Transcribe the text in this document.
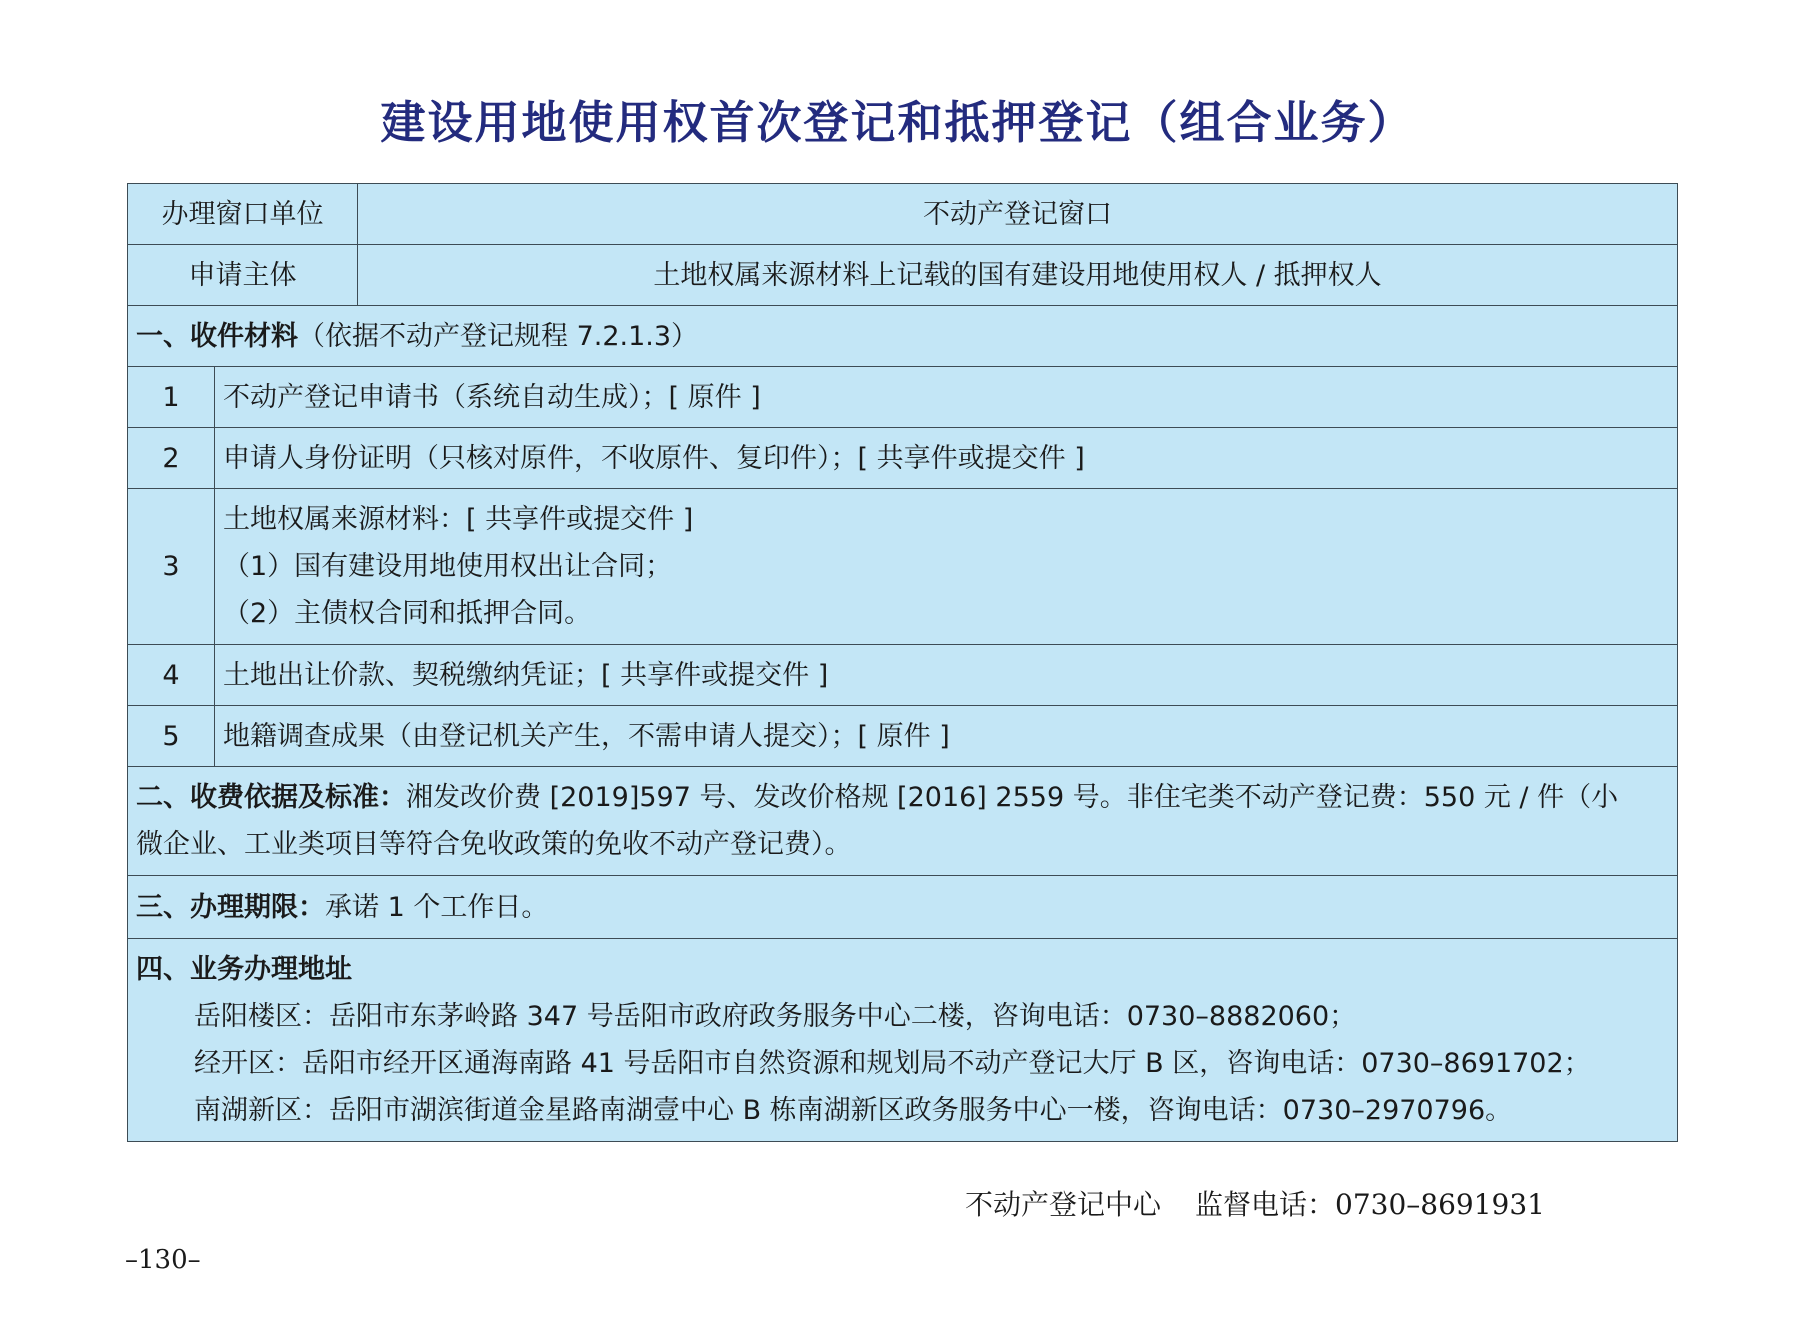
建设用地使用权首次登记和抵押登记（组合业务）
办理窗口单位		不动产登记窗口
申请主体		土地权属来源材料上记载的国有建设用地使用权人 / 抵押权人
一、收件材料（依据不动产登记规程 7.2.1.3）		
1	不动产登记申请书（系统自动生成）；[ 原件 ]	
2	申请人身份证明（只核对原件，不收原件、复印件）；[ 共享件或提交件 ]	
3	土地权属来源材料：[ 共享件或提交件 ]
（1）国有建设用地使用权出让合同；
（2）主债权合同和抵押合同。	

4	土地出让价款、契税缴纳凭证；[ 共享件或提交件 ]	
5	地籍调查成果（由登记机关产生，不需申请人提交）；[ 原件 ]	

二、收费依据及标准：湘发改价费 [2019]597 号、发改价格规 [2016] 2559 号。非住宅类不动产登记费：550 元 / 件（小
微企业、工业类项目等符合免收政策的免收不动产登记费）。		

三、办理期限：承诺 1 个工作日。		

四、业务办理地址
岳阳楼区：岳阳市东茅岭路 347 号岳阳市政府政务服务中心二楼，咨询电话：0730–8882060；
经开区：岳阳市经开区通海南路 41 号岳阳市自然资源和规划局不动产登记大厅 B 区，咨询电话：0730–8691702；
南湖新区：岳阳市湖滨街道金星路南湖壹中心 B 栋南湖新区政务服务中心一楼，咨询电话：0730–2970796。		
不动产登记中心 监督电话：0730–8691931
–130–
